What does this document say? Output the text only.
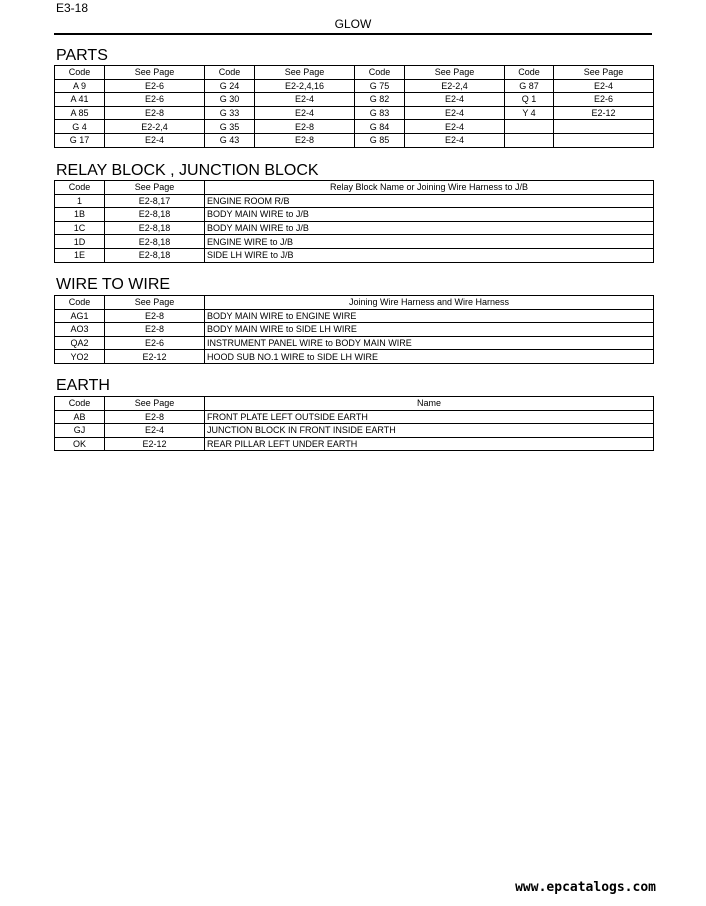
E3-18
GLOW
PARTS
Code	See Page	Code	See Page	Code	See Page	Code	See Page
A 9	E2-6	G 24	E2-2,4,16	G 75	E2-2,4	G 87	E2-4
A 41	E2-6	G 30	E2-4	G 82	E2-4	Q 1	E2-6
A 85	E2-8	G 33	E2-4	G 83	E2-4	Y 4	E2-12
G 4	E2-2,4	G 35	E2-8	G 84	E2-4		
G 17	E2-4	G 43	E2-8	G 85	E2-4		
RELAY BLOCK , JUNCTION BLOCK
Code	See Page	Relay Block Name or Joining Wire Harness to J/B
1	E2-8,17	ENGINE ROOM R/B
1B	E2-8,18	BODY MAIN WIRE to J/B
1C	E2-8,18	BODY MAIN WIRE to J/B
1D	E2-8,18	ENGINE WIRE to J/B
1E	E2-8,18	SIDE LH WIRE to J/B
WIRE TO WIRE
Code	See Page	Joining Wire Harness and Wire Harness
AG1	E2-8	BODY MAIN WIRE to ENGINE WIRE
AO3	E2-8	BODY MAIN WIRE to SIDE LH WIRE
QA2	E2-6	INSTRUMENT PANEL WIRE to BODY MAIN WIRE
YO2	E2-12	HOOD SUB NO.1 WIRE to SIDE LH WIRE
EARTH
Code	See Page	Name
AB	E2-8	FRONT PLATE LEFT OUTSIDE EARTH
GJ	E2-4	JUNCTION BLOCK IN FRONT INSIDE EARTH
OK	E2-12	REAR PILLAR LEFT UNDER EARTH
www.epcatalogs.com
